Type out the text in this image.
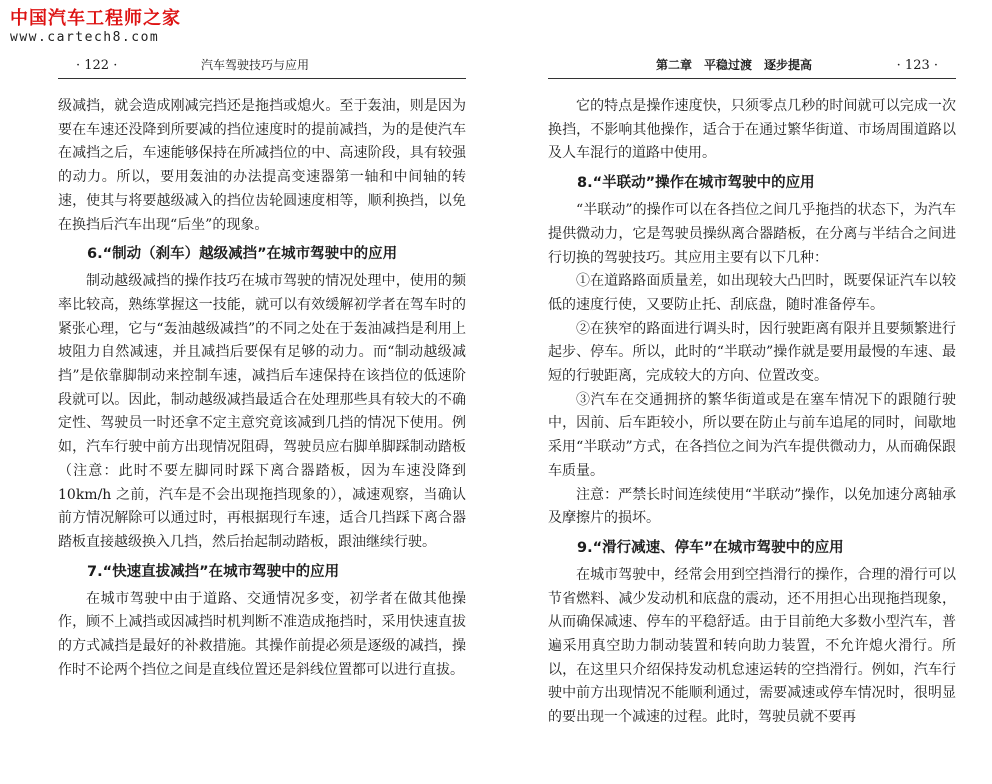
中国汽车工程师之家
www.cartech8.com
· 122 ·	汽车驾驶技巧与应用

级减挡，就会造成刚减完挡还是拖挡或熄火。至于轰油，则是因为要在车速还没降到所要减的挡位速度时的提前减挡，为的是使汽车在减挡之后，车速能够保持在所减挡位的中、高速阶段，具有较强的动力。所以，要用轰油的办法提高变速器第一轴和中间轴的转速，使其与将要越级减入的挡位齿轮圆速度相等，顺利换挡，以免在换挡后汽车出现“后坐”的现象。

6.“制动（刹车）越级减挡”在城市驾驶中的应用

制动越级减挡的操作技巧在城市驾驶的情况处理中，使用的频率比较高，熟练掌握这一技能，就可以有效缓解初学者在驾车时的紧张心理，它与“轰油越级减挡”的不同之处在于轰油减挡是利用上坡阻力自然减速，并且减挡后要保有足够的动力。而“制动越级减挡”是依靠脚制动来控制车速，减挡后车速保持在该挡位的低速阶段就可以。因此，制动越级减挡最适合在处理那些具有较大的不确定性、驾驶员一时还拿不定主意究竟该减到几挡的情况下使用。例如，汽车行驶中前方出现情况阻碍，驾驶员应右脚单脚踩制动踏板（注意：此时不要左脚同时踩下离合器踏板，因为车速没降到 10km/h 之前，汽车是不会出现拖挡现象的），减速观察，当确认前方情况解除可以通过时，再根据现行车速，适合几挡踩下离合器踏板直接越级换入几挡，然后抬起制动踏板，跟油继续行驶。

7.“快速直拔减挡”在城市驾驶中的应用

在城市驾驶中由于道路、交通情况多变，初学者在做其他操作，顾不上减挡或因减挡时机判断不准造成拖挡时，采用快速直拔的方式减挡是最好的补救措施。其操作前提必须是逐级的减挡，操作时不论两个挡位之间是直线位置还是斜线位置都可以进行直拔。

第二章　平稳过渡　逐步提高	· 123 ·

它的特点是操作速度快，只须零点几秒的时间就可以完成一次换挡，不影响其他操作，适合于在通过繁华街道、市场周围道路以及人车混行的道路中使用。

8.“半联动”操作在城市驾驶中的应用

“半联动”的操作可以在各挡位之间几乎拖挡的状态下，为汽车提供微动力，它是驾驶员操纵离合器踏板，在分离与半结合之间进行切换的驾驶技巧。其应用主要有以下几种：

①在道路路面质量差，如出现较大凸凹时，既要保证汽车以较低的速度行使，又要防止托、刮底盘，随时准备停车。

②在狭窄的路面进行调头时，因行驶距离有限并且要频繁进行起步、停车。所以，此时的“半联动”操作就是要用最慢的车速、最短的行驶距离，完成较大的方向、位置改变。

③汽车在交通拥挤的繁华街道或是在塞车情况下的跟随行驶中，因前、后车距较小，所以要在防止与前车追尾的同时，间歇地采用“半联动”方式，在各挡位之间为汽车提供微动力，从而确保跟车质量。

注意：严禁长时间连续使用“半联动”操作，以免加速分离轴承及摩擦片的损坏。

9.“滑行减速、停车”在城市驾驶中的应用

在城市驾驶中，经常会用到空挡滑行的操作，合理的滑行可以节省燃料、减少发动机和底盘的震动，还不用担心出现拖挡现象，从而确保减速、停车的平稳舒适。由于目前绝大多数小型汽车，普遍采用真空助力制动装置和转向助力装置，不允许熄火滑行。所以，在这里只介绍保持发动机怠速运转的空挡滑行。例如，汽车行驶中前方出现情况不能顺利通过，需要减速或停车情况时，很明显的要出现一个减速的过程。此时，驾驶员就不要再
